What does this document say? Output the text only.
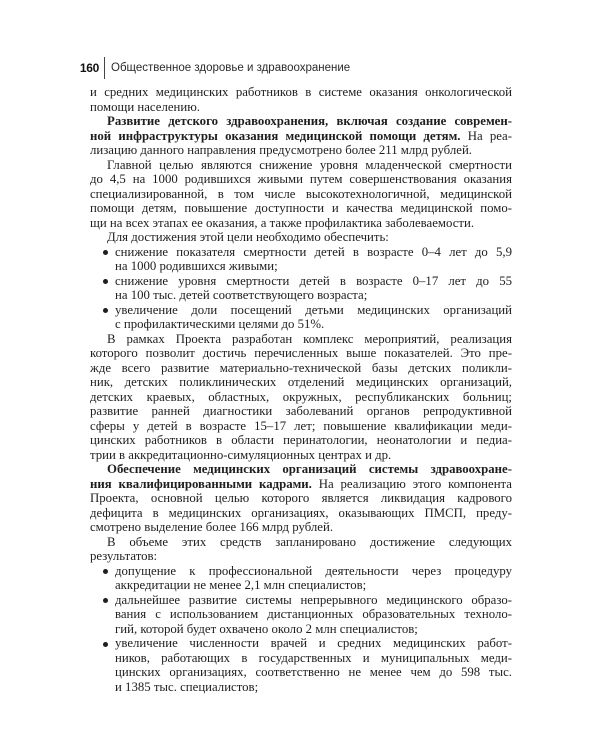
160 Общественное здоровье и здравоохранение
и средних медицинских работников в системе оказания онкологической
помощи населению.
Развитие детского здравоохранения, включая создание современ-
ной инфраструктуры оказания медицинской помощи детям. На реа-
лизацию данного направления предусмотрено более 211 млрд рублей.
Главной целью являются снижение уровня младенческой смертности
до 4,5 на 1000 родившихся живыми путем совершенствования оказания
специализированной, в том числе высокотехнологичной, медицинской
помощи детям, повышение доступности и качества медицинской помо-
щи на всех этапах ее оказания, а также профилактика заболеваемости.
Для достижения этой цели необходимо обеспечить:
снижение показателя смертности детей в возрасте 0–4 лет до 5,9
на 1000 родившихся живыми;
снижение уровня смертности детей в возрасте 0–17 лет до 55
на 100 тыс. детей соответствующего возраста;
увеличение доли посещений детьми медицинских организаций
с профилактическими целями до 51%.
В рамках Проекта разработан комплекс мероприятий, реализация
которого позволит достичь перечисленных выше показателей. Это пре-
жде всего развитие материально-технической базы детских поликли-
ник, детских поликлинических отделений медицинских организаций,
детских краевых, областных, окружных, республиканских больниц;
развитие ранней диагностики заболеваний органов репродуктивной
сферы у детей в возрасте 15–17 лет; повышение квалификации меди-
цинских работников в области перинатологии, неонатологии и педиа-
трии в аккредитационно-симуляционных центрах и др.
Обеспечение медицинских организаций системы здравоохране-
ния квалифицированными кадрами. На реализацию этого компонента
Проекта, основной целью которого является ликвидация кадрового
дефицита в медицинских организациях, оказывающих ПМСП, преду-
смотрено выделение более 166 млрд рублей.
В объеме этих средств запланировано достижение следующих
результатов:
допущение к профессиональной деятельности через процедуру
аккредитации не менее 2,1 млн специалистов;
дальнейшее развитие системы непрерывного медицинского образо-
вания с использованием дистанционных образовательных техноло-
гий, которой будет охвачено около 2 млн специалистов;
увеличение численности врачей и средних медицинских работ-
ников, работающих в государственных и муниципальных меди-
цинских организациях, соответственно не менее чем до 598 тыс.
и 1385 тыс. специалистов;
